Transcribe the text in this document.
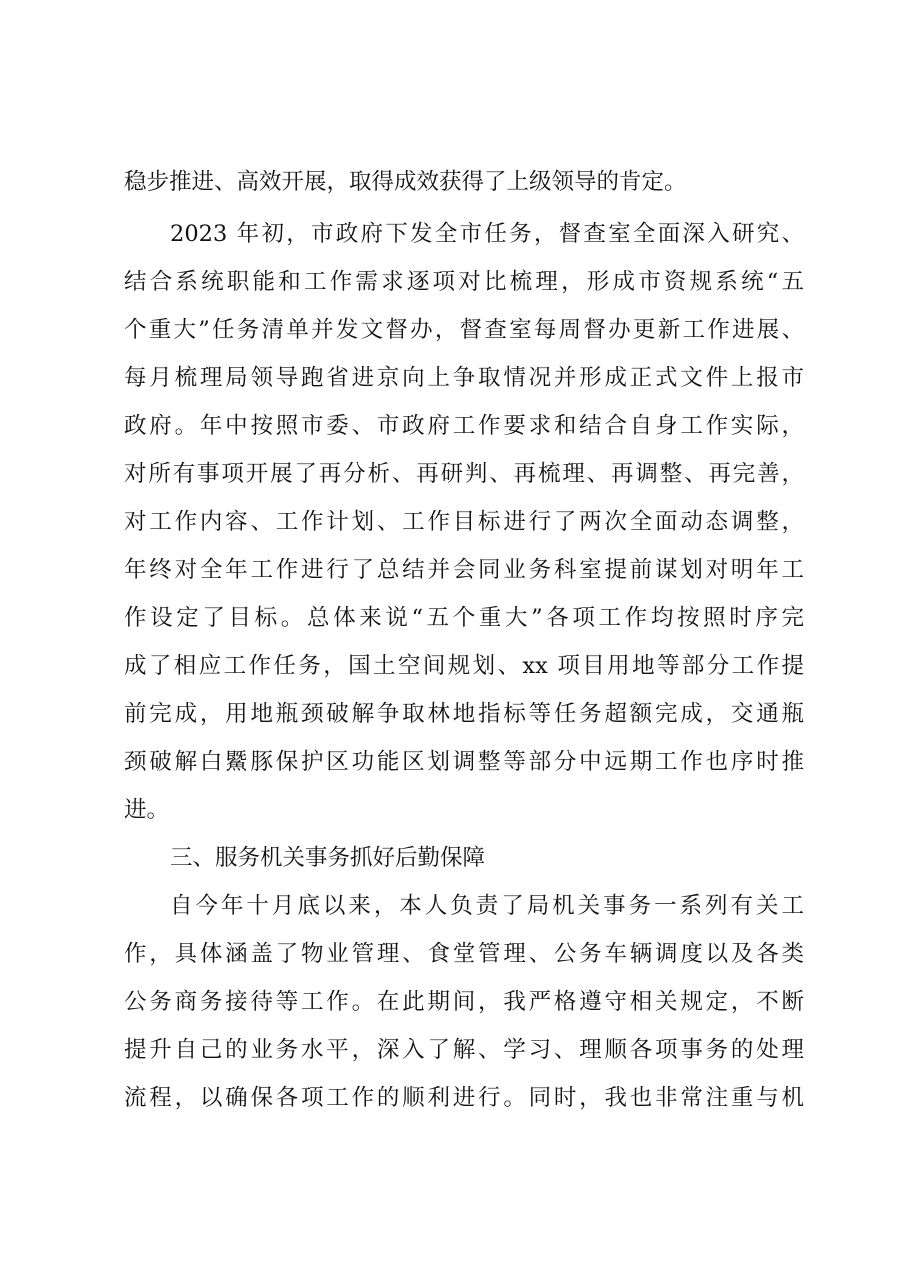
稳步推进、高效开展，取得成效获得了上级领导的肯定。
2023 年初，市政府下发全市任务，督查室全面深入研究、
结合系统职能和工作需求逐项对比梳理，形成市资规系统“五
个重大”任务清单并发文督办，督查室每周督办更新工作进展、
每月梳理局领导跑省进京向上争取情况并形成正式文件上报市
政府。年中按照市委、市政府工作要求和结合自身工作实际，
对所有事项开展了再分析、再研判、再梳理、再调整、再完善，
对工作内容、工作计划、工作目标进行了两次全面动态调整，
年终对全年工作进行了总结并会同业务科室提前谋划对明年工
作设定了目标。总体来说“五个重大”各项工作均按照时序完
成了相应工作任务，国土空间规划、xx 项目用地等部分工作提
前完成，用地瓶颈破解争取林地指标等任务超额完成，交通瓶
颈破解白鱀豚保护区功能区划调整等部分中远期工作也序时推
进。
三、服务机关事务抓好后勤保障
自今年十月底以来，本人负责了局机关事务一系列有关工
作，具体涵盖了物业管理、食堂管理、公务车辆调度以及各类
公务商务接待等工作。在此期间，我严格遵守相关规定，不断
提升自己的业务水平，深入了解、学习、理顺各项事务的处理
流程，以确保各项工作的顺利进行。同时，我也非常注重与机
